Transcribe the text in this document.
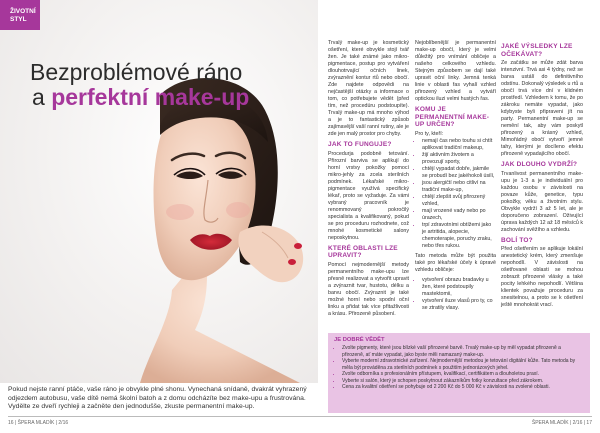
ŽIVOTNÍ
STYL
Bezproblémové ráno
a perfektní make-up

Pokud nejste ranní ptáče, vaše ráno je obvykle plné shonu. Vynechaná snídaně, dvakrát vyhrazený odjezdem autobusu, vaše dítě nemá školní batoh a z domu odcházíte bez make-upu a frustrována. Vydělte ze dveří rychleji a začněte den jednodušše, zkuste permanentní make-up.

Trvalý make-up je kosmetický ošetření, které obvykle stojí tvář žen. Je také známé jako mikro-pigmentace, postup pro vytváření dlouhotrvající očních linek, zvýraznění kontur rtů nebo obočí. Zde najdete odpovědi na nejčastější otázky a informace o tom, co potřebujete vědět (před tím, než procedúru podstoupíte). Trvalý make-up má mnoho výhod a je to fantastický způsob zajímavější vaší ranní rutiny, ale je zde jen malý prostor pro chyby.

JAK TO FUNGUJE?

Procedurja podobně tetování. Přirozní barviva se aplikují do horní vrstvy pokožky pomocí mikro-jehly za zcela sterilních podmínek. Lékařské mikro-pigmentace využívá specifický lékař, proto se vyžaduje. Za vámi vybraný pracovník je renommovaný pokročilý specialista a kvalifikovaný, pokud se pro proceduru rozhodnete, což mnohé kosmetické salony neposkytnou.

KTERÉ OBLASTI LZE UPRAVIT?

Pomocí nejmodernější metody permanentního make-upu lze přesně realizovat a vytvořit upravit a zvýraznit tvar, hustotu, délku a barvu obočí. Zvýraznit je také možné horní nebo spodní oční linku a přidat tak více přitažlivosti a krásu. Přirozeně působení.

Nejoblíbenější je permanentní make-up obočí, který je velmi důležitý pro vnímání obličeje a našeho celkového vzhledu. Stejným způsobem se dají také upravit oční linky. Jemná tenká linie v oblasti řas vyhalí vzhled přirozený vzhled a vytváří optickou iluzi velmi hustých řas.

KOMU JE PERMANENTNÍ MAKE-UP URČEN?

Pro ty, kteří:

• nemají čas nebo touhu si chtít aplikovat tradiční makeup,
• žijí aktivním životem a provozují sporty,
• chtějí vypadat dobře, jakmile se probudí bez jakéhokoli úsilí,
• jsou alergičtí nebo citliví na tradiční make-up,
• chtějí zlepšit svůj přirozený vzhled,
• mají vrozené vady nebo po úrazech,
• trpí zdravotními obtížemi jako je artritida, alopecie, chemoterapie, poruchy zraku, nebo třes rukou.

Tato metoda může být použita také pro lékařské účely k úpravě vzhledu obličeje:

• vytvoření obrazu bradavky u žen, které podstoupily mastektomii,
• vytvoření iluze vlasů pro ty, co se ztratily vlasy.
JAKÉ VÝSLEDKY LZE OČEKÁVAT?

Ze začátku se může zdát barva intenzivní. Trvá asi 4 týdny, než se barva ustálí do definitivního odstínu. Dokonalý výsledek u rtů a obočí trvá více dní v klidném prostředí. Vzhledem k tomu, že po zákroku nemáte vypadat, jako kdybyste byli připraveni jít na party. Permanentní make-up se nemění tak, aby vám poskytl přirozený a krásný vzhled, Mimořádný obočí vytvoří jemné tahy, kterými je docíleno efektu přirozeně vypadajícího obočí.

JAK DLOUHO VYDRŽÍ?

Trvanlivost permanentního make-upu je 1-3 a je individuální pro každou osobu v závislosti na povaze kůže, genetice, typu pokožky, věku a životním stylu. Obvykle vydrží 3 až 5 let, ale je doporučeno zobrazení. Oživující úprava každých 12 až 18 měsíců k zachování svěžího a vzhledu.

BOLÍ TO?

Před ošetřením se aplikuje lokální anestetický krém, který zmenšuje nepohodlí. V závislosti na ošetřované oblasti se mohou zobrazit přirozené vlásky a také pocity lehkého nepohodlí. Většina klientek považuje proceduru za snesitelnou, a proto se k ošetření ještě mnohokrát vrací.

JE DOBRÉ VĚDĚT
• Zvolte pigmenty, které jsou blízké vaší přirozené barvě. Trvalý make-up by měl vypadat přirozeně a přirozeně, ať máte vypadat, jako byste měli namazaný make-up.
• Vyberte moderní zdravotnické zařízení. Nejmodernější metodou je tetování digitální kůže. Tato metoda by měla být prováděna za sterilních podmínek s použitím jednorázových jehel.
• Zvolte odborníka s profesionálním přístupem, kvalifikací, certifikátem a dlouholetou praxí.
• Vyberte si salón, který je schopen poskytnout zákazníkům fotky konzultace před zákrokem.
• Cena za kvalitní ošetření se pohybuje od 2 200 Kč do 5 000 Kč v závislosti na zvolené oblasti.
16 | ŠPERA MLADÍK | 2/16	ŠPERA MLADÍK | 2/16 | 17
